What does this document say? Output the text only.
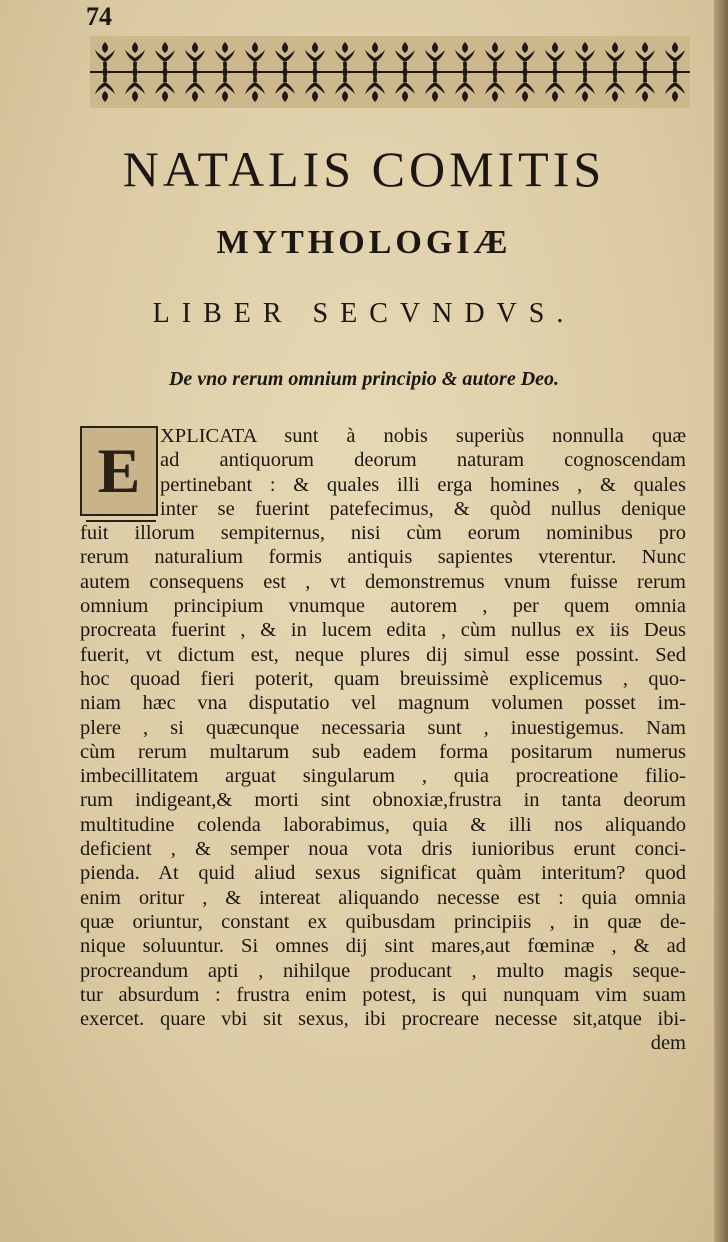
74
NATALIS COMITIS
MYTHOLOGIÆ
LIBER SECVNDVS.
De vno rerum omnium principio & autore Deo.
E XPLICATA sunt à nobis superiùs nonnulla quæ
ad antiquorum deorum naturam cognoscendam
pertinebant : & quales illi erga homines , & quales
inter se fuerint patefecimus, & quòd nullus denique
fuit illorum sempiternus, nisi cùm eorum nominibus pro
rerum naturalium formis antiquis sapientes vterentur. Nunc
autem consequens est , vt demonstremus vnum fuisse rerum
omnium principium vnumque autorem , per quem omnia
procreata fuerint , & in lucem edita , cùm nullus ex iis Deus
fuerit, vt dictum est, neque plures dij simul esse possint. Sed
hoc quoad fieri poterit, quam breuissimè explicemus , quo-
niam hæc vna disputatio vel magnum volumen posset im-
plere , si quæcunque necessaria sunt , inuestigemus. Nam
cùm rerum multarum sub eadem forma positarum numerus
imbecillitatem arguat singularum , quia procreatione filio-
rum indigeant,& morti sint obnoxiæ,frustra in tanta deorum
multitudine colenda laborabimus, quia & illi nos aliquando
deficient , & semper noua vota dris iunioribus erunt conci-
pienda. At quid aliud sexus significat quàm interitum? quod
enim oritur , & intereat aliquando necesse est : quia omnia
quæ oriuntur, constant ex quibusdam principiis , in quæ de-
nique soluuntur. Si omnes dij sint mares,aut fœminæ , & ad
procreandum apti , nihilque producant , multo magis seque-
tur absurdum : frustra enim potest, is qui nunquam vim suam
exercet. quare vbi sit sexus, ibi procreare necesse sit,atque ibi-
dem
